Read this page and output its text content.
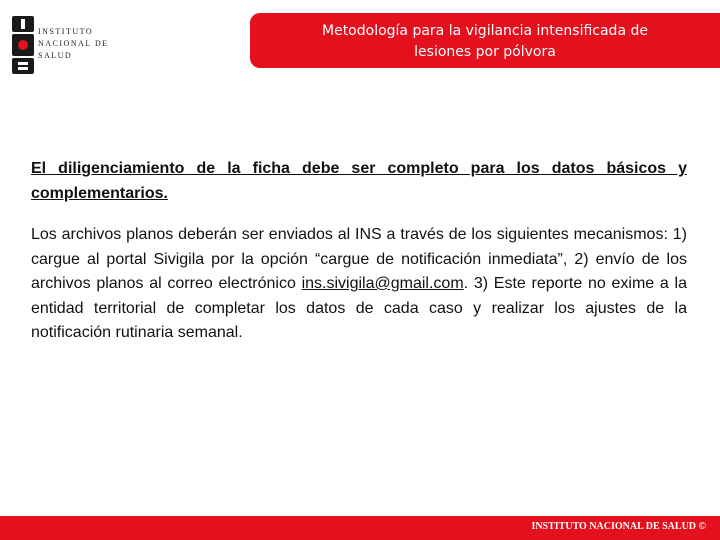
INSTITUTO
NACIONAL DE
SALUD
Metodología para la vigilancia intensificada de
lesiones por pólvora

El diligenciamiento de la ficha debe ser completo para los datos básicos y complementarios.

Los archivos planos deberán ser enviados al INS a través de los siguientes mecanismos: 1) cargue al portal Sivigila por la opción “cargue de notificación inmediata”, 2) envío de los archivos planos al correo electrónico ins.sivigila@gmail.com. 3) Este reporte no exime a la entidad territorial de completar los datos de cada caso y realizar los ajustes de la notificación rutinaria semanal.

INSTITUTO NACIONAL DE SALUD ©
